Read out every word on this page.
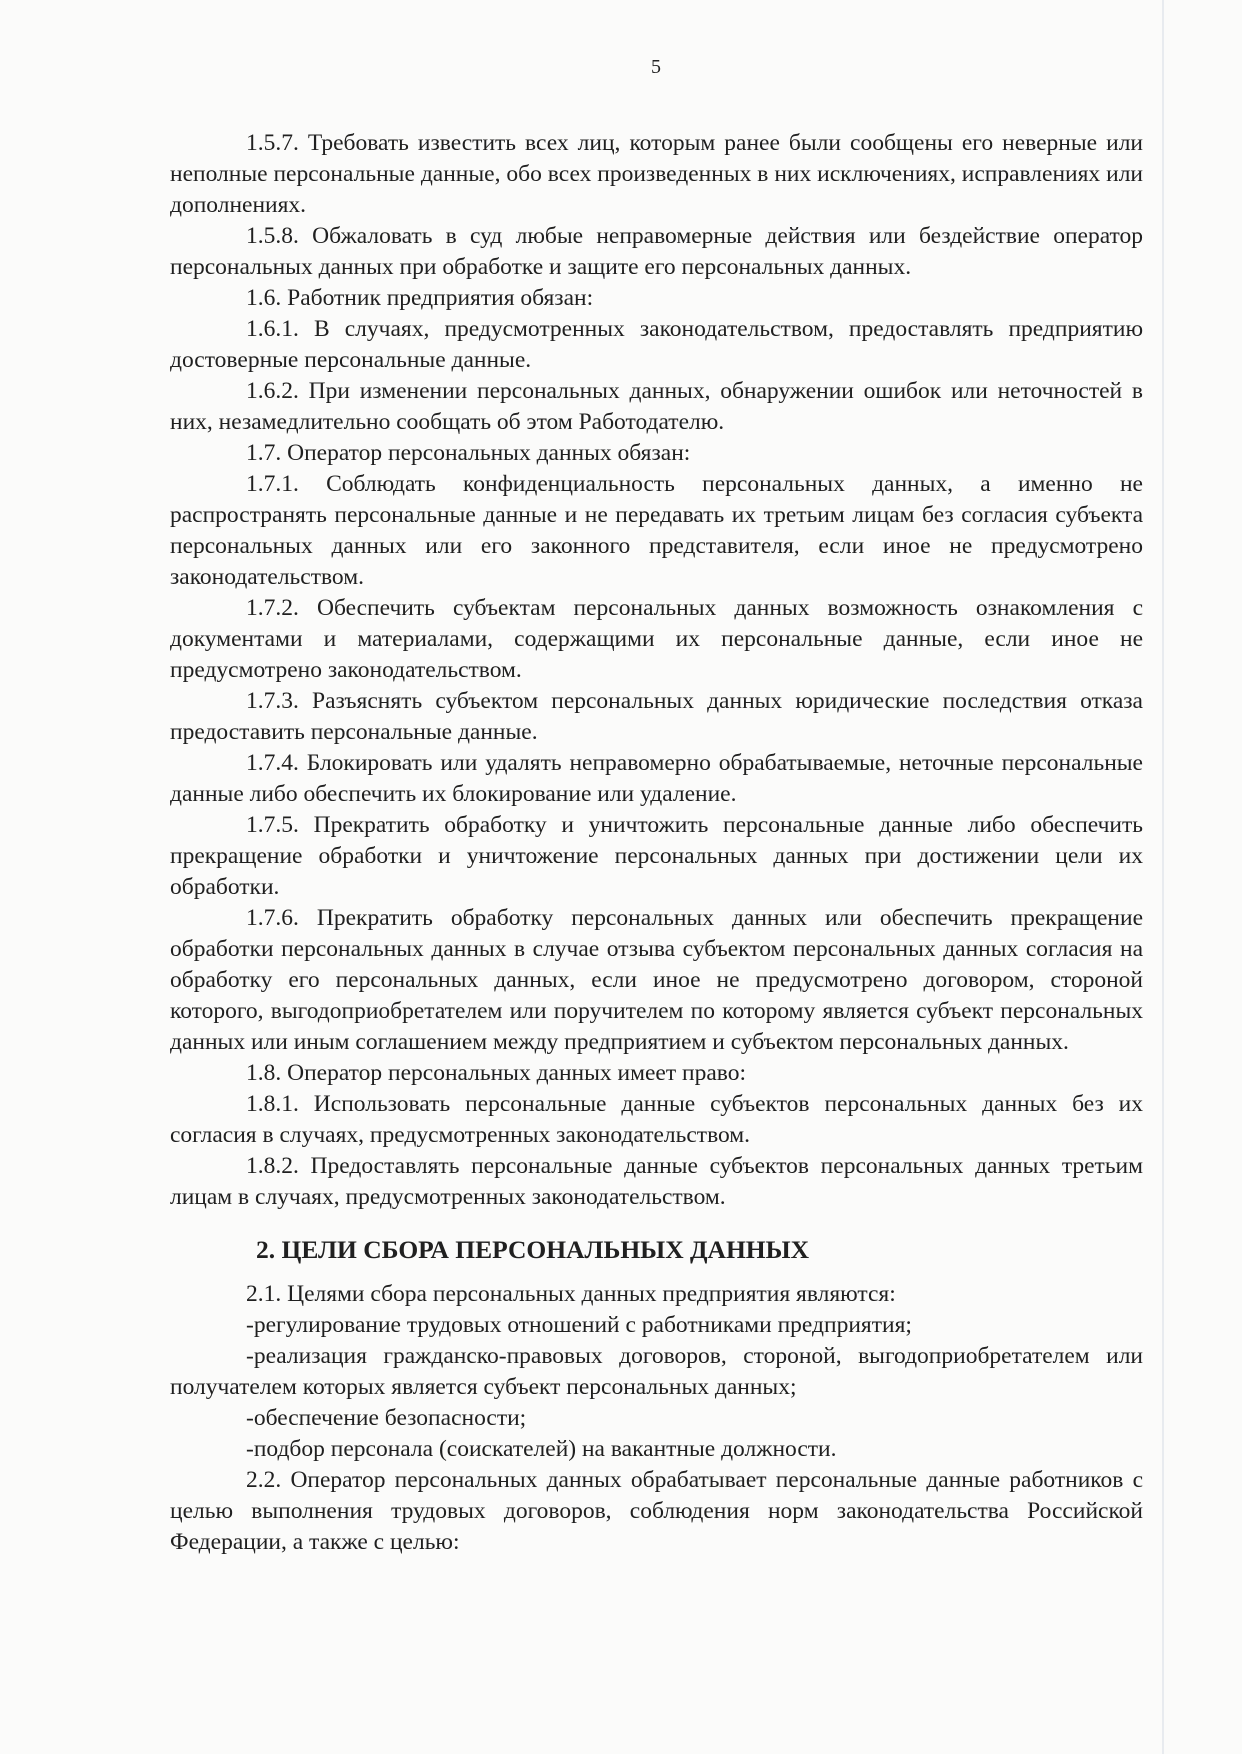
5

1.5.7. Требовать известить всех лиц, которым ранее были сообщены его неверные или неполные персональные данные, обо всех произведенных в них исключениях, исправлениях или дополнениях.

1.5.8. Обжаловать в суд любые неправомерные действия или бездействие оператор персональных данных при обработке и защите его персональных данных.

1.6. Работник предприятия обязан:

1.6.1. В случаях, предусмотренных законодательством, предоставлять предприятию достоверные персональные данные.

1.6.2. При изменении персональных данных, обнаружении ошибок или неточностей в них, незамедлительно сообщать об этом Работодателю.

1.7. Оператор персональных данных обязан:

1.7.1. Соблюдать конфиденциальность персональных данных, а именно не распространять персональные данные и не передавать их третьим лицам без согласия субъекта персональных данных или его законного представителя, если иное не предусмотрено законодательством.

1.7.2. Обеспечить субъектам персональных данных возможность ознакомления с документами и материалами, содержащими их персональные данные, если иное не предусмотрено законодательством.

1.7.3. Разъяснять субъектом персональных данных юридические последствия отказа предоставить персональные данные.

1.7.4. Блокировать или удалять неправомерно обрабатываемые, неточные персональные данные либо обеспечить их блокирование или удаление.

1.7.5. Прекратить обработку и уничтожить персональные данные либо обеспечить прекращение обработки и уничтожение персональных данных при достижении цели их обработки.

1.7.6. Прекратить обработку персональных данных или обеспечить прекращение обработки персональных данных в случае отзыва субъектом персональных данных согласия на обработку его персональных данных, если иное не предусмотрено договором, стороной которого, выгодоприобретателем или поручителем по которому является субъект персональных данных или иным соглашением между предприятием и субъектом персональных данных.

1.8. Оператор персональных данных имеет право:

1.8.1. Использовать персональные данные субъектов персональных данных без их согласия в случаях, предусмотренных законодательством.

1.8.2. Предоставлять персональные данные субъектов персональных данных третьим лицам в случаях, предусмотренных законодательством.

2. ЦЕЛИ СБОРА ПЕРСОНАЛЬНЫХ ДАННЫХ

2.1. Целями сбора персональных данных предприятия являются:

-регулирование трудовых отношений с работниками предприятия;

-реализация гражданско-правовых договоров, стороной, выгодоприобретателем или получателем которых является субъект персональных данных;

-обеспечение безопасности;

-подбор персонала (соискателей) на вакантные должности.

2.2. Оператор персональных данных обрабатывает персональные данные работников с целью выполнения трудовых договоров, соблюдения норм законодательства Российской Федерации, а также с целью:
